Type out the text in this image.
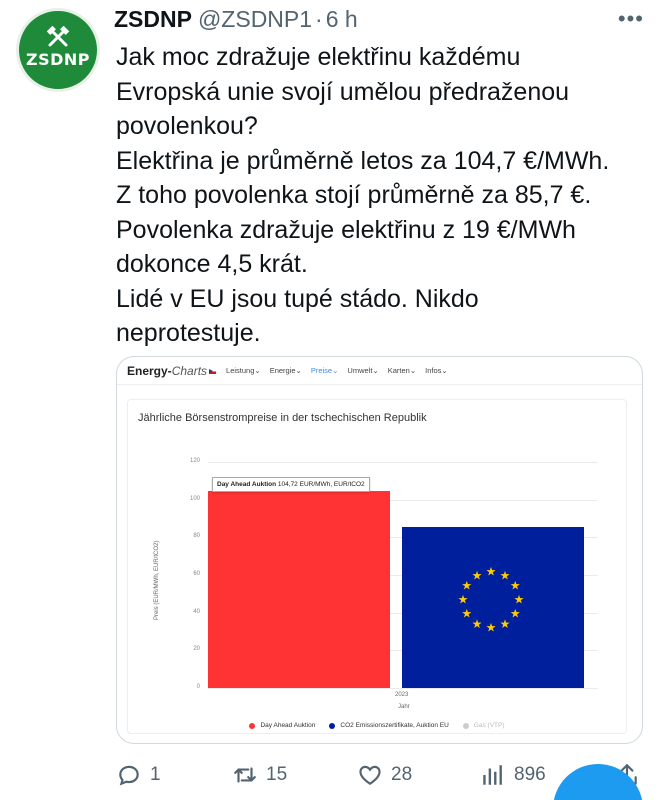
ZSDNP
ZSDNP @ZSDNP1 · 6 h	•••
Jak moc zdražuje elektřinu každému
Evropská unie svojí umělou předraženou
povolenkou?
Elektřina je průměrně letos za 104,7 €/MWh.
Z toho povolenka stojí průměrně za 85,7 €.
Povolenka zdražuje elektřinu z 19 €/MWh
dokonce 4,5 krát.
Lidé v EU jsou tupé stádo. Nikdo
neprotestuje.
Energy-Charts	Leistung⌄ Energie⌄ Preise⌄ Umwelt⌄ Karten⌄ Infos⌄
Jährliche Börsenstrompreise in der tschechischen Republik
Day Ahead Auktion	CO2 Emissionszertifikate, Auktion EU	Gas (VTP)
0
20
40
60
80
100
120
Preis (EUR/MWh, EUR/tCO2)	★ ★
★
★
★
★
★
★
★
★
★
★
Day Ahead Auktion 104,72 EUR/MWh, EUR/tCO2
2023
Jahr
1	15	28	896
